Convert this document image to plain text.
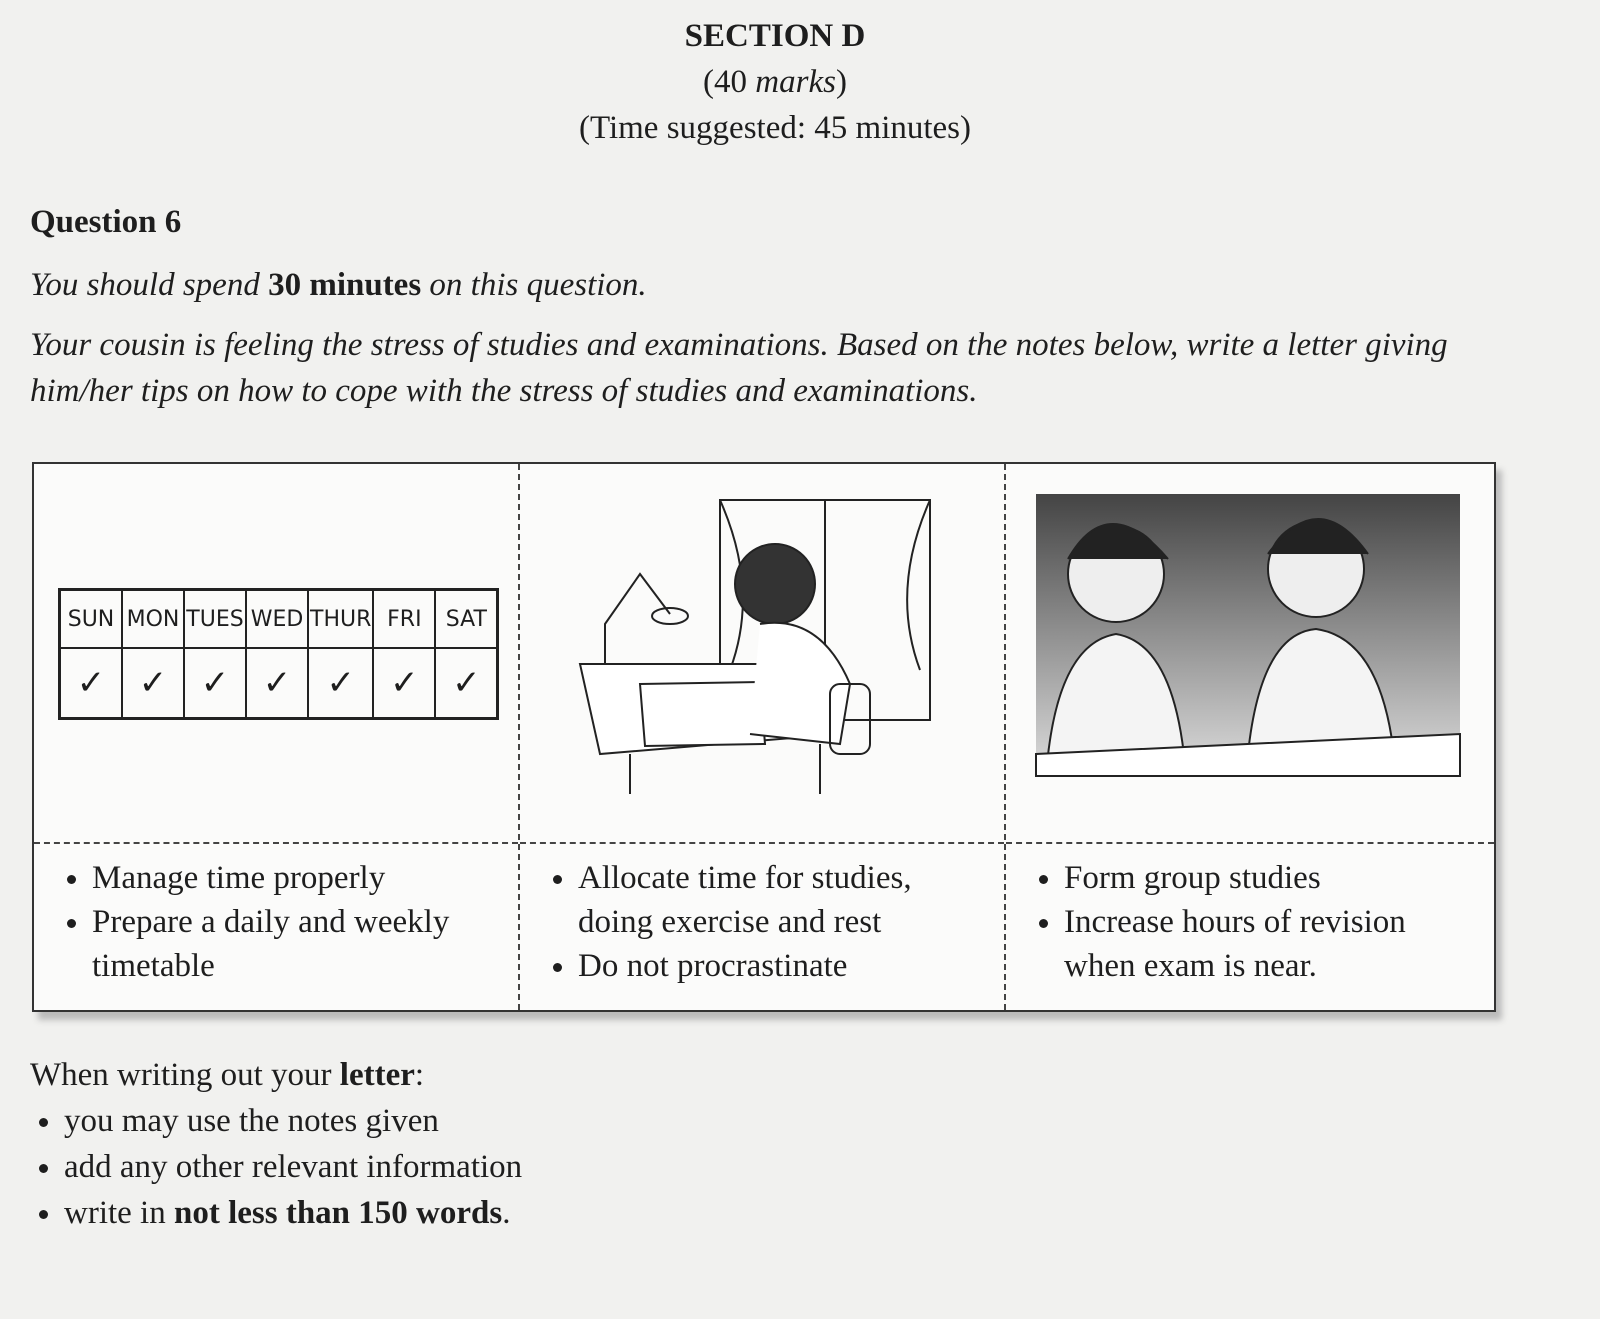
SECTION D
(40 marks)
(Time suggested: 45 minutes)
Question 6
You should spend 30 minutes on this question.
Your cousin is feeling the stress of studies and examinations. Based on the notes below, write a letter giving him/her tips on how to cope with the stress of studies and examinations.
SUN	MON	TUES	WED	THUR	FRI	SAT
✓	✓	✓	✓	✓	✓	✓
• Manage time properly
• Prepare a daily and weekly timetable
• Allocate time for studies, doing exercise and rest
• Do not procrastinate
• Form group studies
• Increase hours of revision when exam is near.
When writing out your letter:
• you may use the notes given
• add any other relevant information
• write in not less than 150 words.
